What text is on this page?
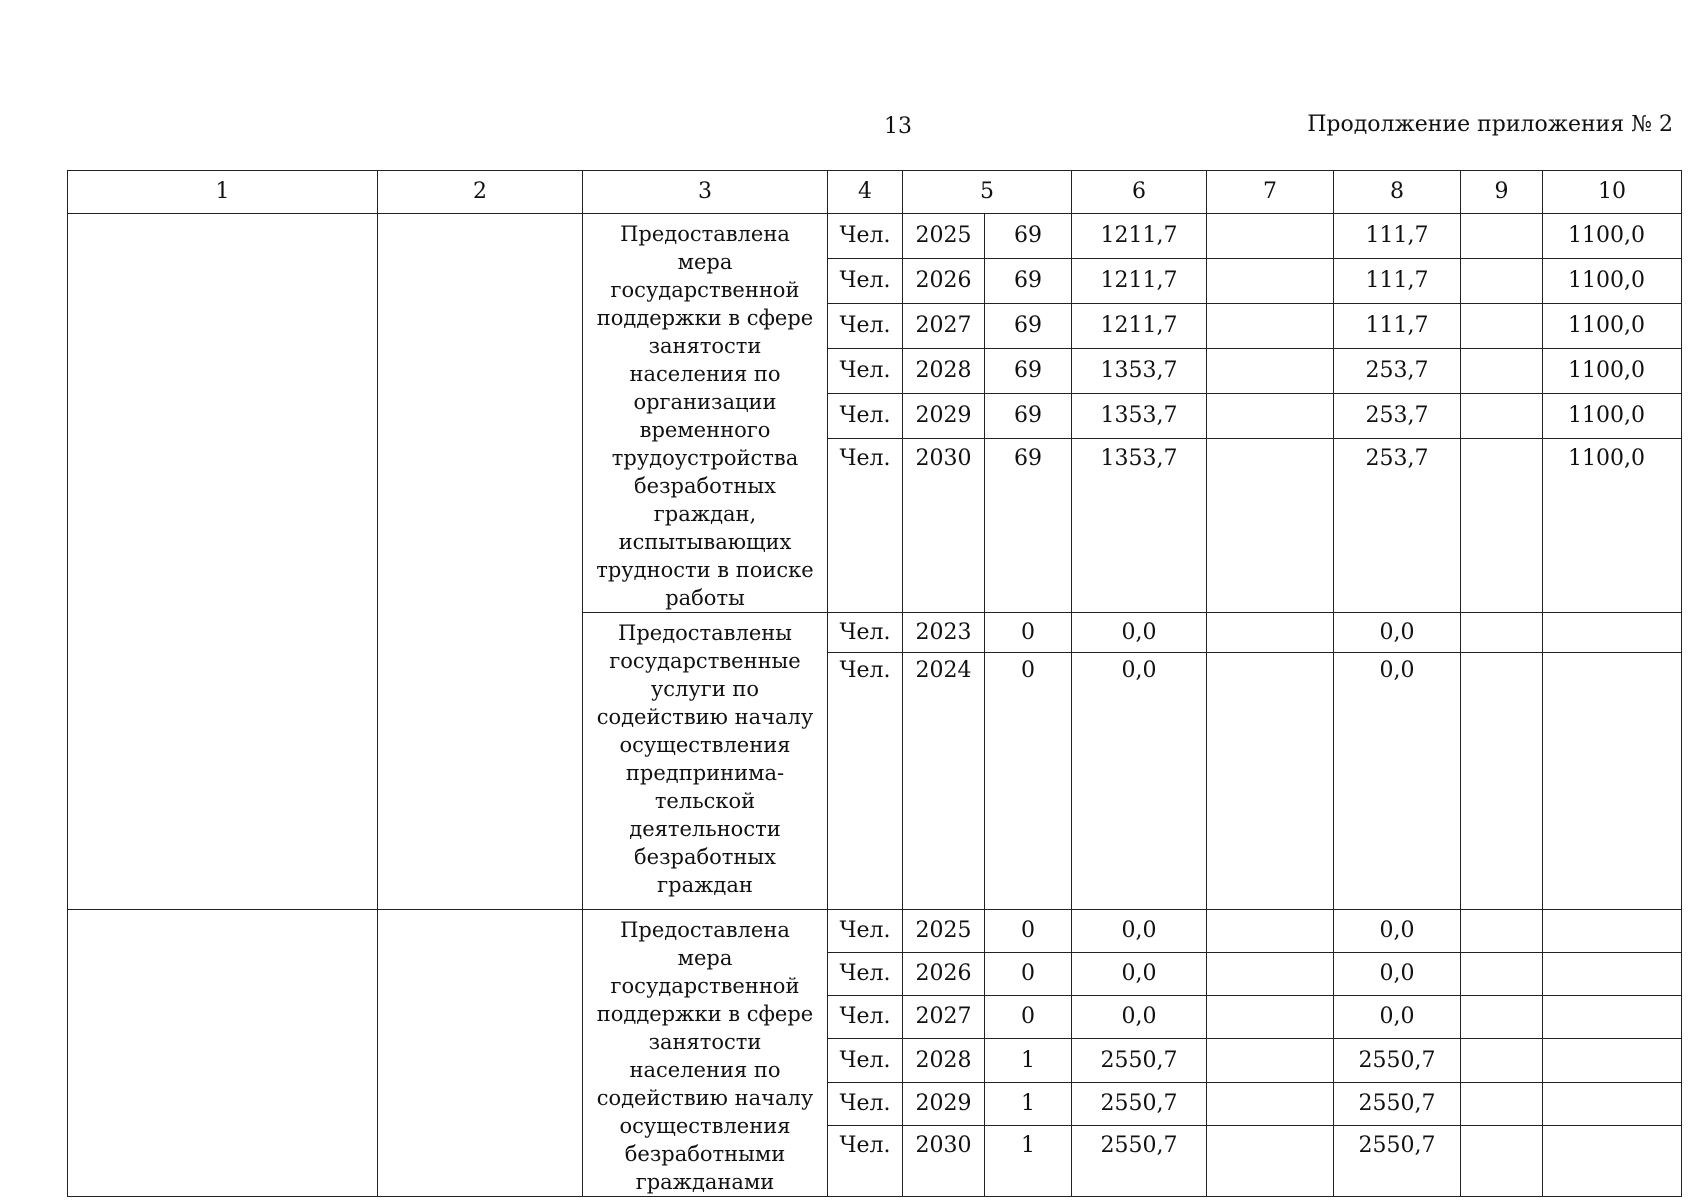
13	Продолжение приложения № 2
1	2	3	4	5		6	7	8	9	10
		Предоставлена мера государственной поддержки в сфере занятости населения по организации временного трудоустройства безработных граждан, испытывающих трудности в поиске работы	Чел.	2025	69	1211,7		111,7		1100,0
			Чел.	2026	69	1211,7		111,7		1100,0
			Чел.	2027	69	1211,7		111,7		1100,0
			Чел.	2028	69	1353,7		253,7		1100,0
			Чел.	2029	69	1353,7		253,7		1100,0
			Чел.	2030	69	1353,7		253,7		1100,0
		Предоставлены государственные услуги по содействию началу осуществления предпринима-тельской деятельности безработных граждан	Чел.	2023	0	0,0		0,0		
			Чел.	2024	0	0,0		0,0		
		Предоставлена мера государственной поддержки в сфере занятости населения по содействию началу осуществления безработными гражданами	Чел.	2025	0	0,0		0,0		
			Чел.	2026	0	0,0		0,0		
			Чел.	2027	0	0,0		0,0		
			Чел.	2028	1	2550,7		2550,7		
			Чел.	2029	1	2550,7		2550,7		
			Чел.	2030	1	2550,7		2550,7		
